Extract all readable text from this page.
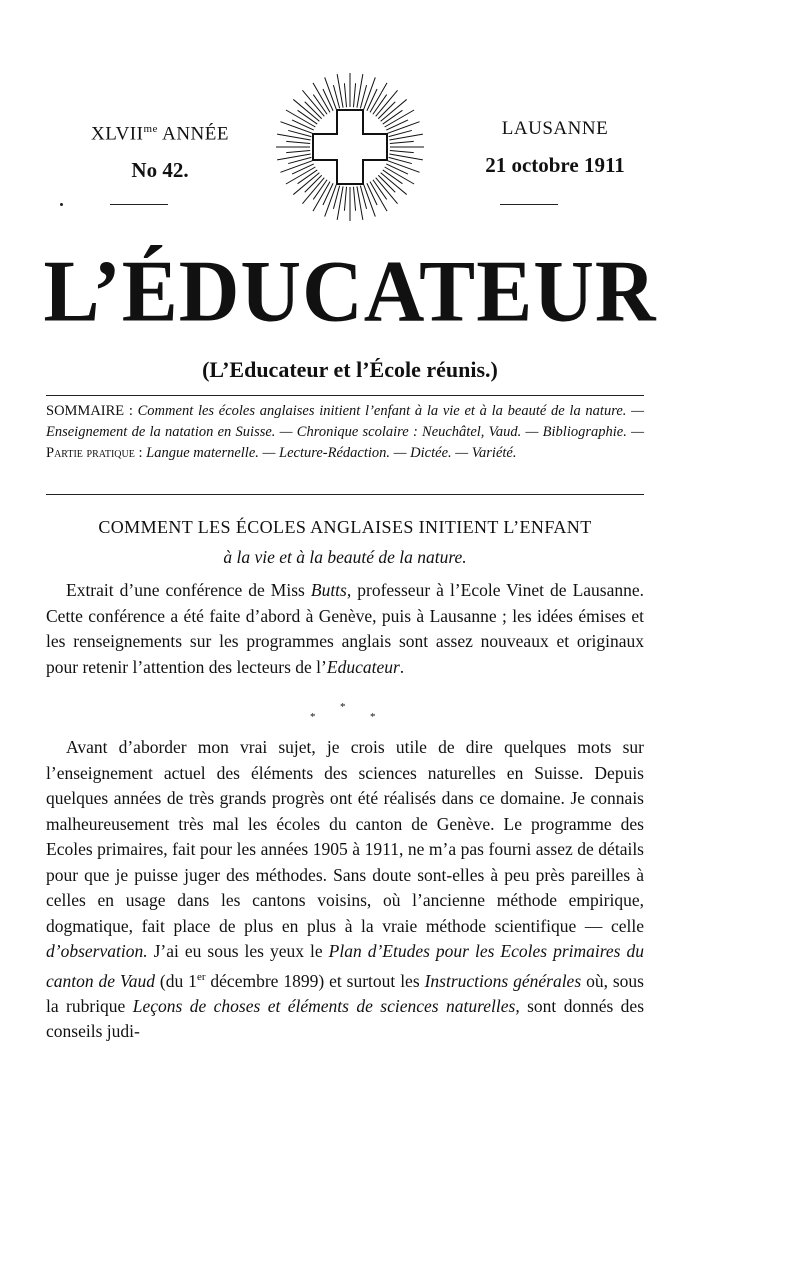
$XLVII^{me}$ ANNÉE
No 42.
LAUSANNE
21 octobre 1911
L’ÉDUCATEUR
(L’Educateur et l’École réunis.)
SOMMAIRE : Comment les écoles anglaises initient l’enfant à la vie et à la beauté de la nature. — Enseignement de la natation en Suisse. — Chronique scolaire : Neuchâtel, Vaud. — Bibliographie. — Partie pratique : Langue maternelle. — Lecture-Rédaction. — Dictée. — Variété.
COMMENT LES ÉCOLES ANGLAISES INITIENT L’ENFANT
à la vie et à la beauté de la nature.
Extrait d’une conférence de Miss Butts, professeur à l’Ecole Vinet de Lausanne. Cette conférence a été faite d’abord à Genève, puis à Lausanne ; les idées émises et les renseignements sur les programmes anglais sont assez nouveaux et originaux pour retenir l’attention des lecteurs de l’Educateur.
*
*
*
Avant d’aborder mon vrai sujet, je crois utile de dire quelques mots sur l’enseignement actuel des éléments des sciences naturelles en Suisse. Depuis quelques années de très grands progrès ont été réalisés dans ce domaine. Je connais malheureusement très mal les écoles du canton de Genève. Le programme des Ecoles primaires, fait pour les années 1905 à 1911, ne m’a pas fourni assez de détails pour que je puisse juger des méthodes. Sans doute sont-elles à peu près pareilles à celles en usage dans les cantons voisins, où l’ancienne méthode empirique, dogmatique, fait place de plus en plus à la vraie méthode scientifique — celle d’observation. J’ai eu sous les yeux le Plan d’Etudes pour les Ecoles primaires du canton de Vaud (du 1er décembre 1899) et surtout les Instructions générales où, sous la rubrique Leçons de choses et éléments de sciences naturelles, sont donnés des conseils judi-
